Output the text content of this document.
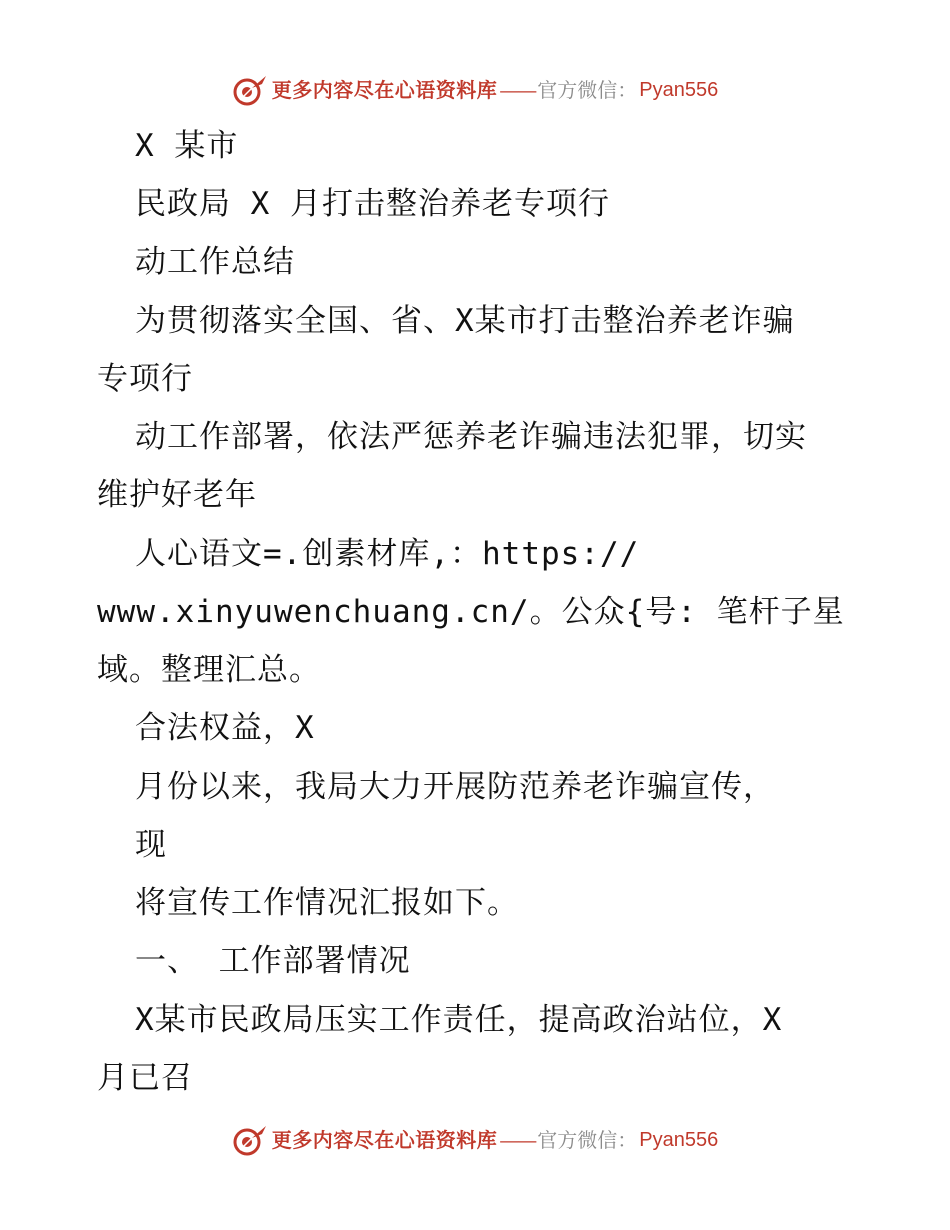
更多内容尽在心语资料库 —— 官方微信： Pyan556
X 某市
民政局 X 月打击整治养老专项行
动工作总结
为贯彻落实全国、省、X某市打击整治养老诈骗
专项行
动工作部署，依法严惩养老诈骗违法犯罪，切实
维护好老年
人心语文=.创素材库,：https://
www.xinyuwenchuang.cn/。公众{号: 笔杆子星
域。整理汇总。
合法权益，X
月份以来，我局大力开展防范养老诈骗宣传，
现
将宣传工作情况汇报如下。
一、 工作部署情况
X某市民政局压实工作责任，提高政治站位，X
月已召
更多内容尽在心语资料库 —— 官方微信： Pyan556
